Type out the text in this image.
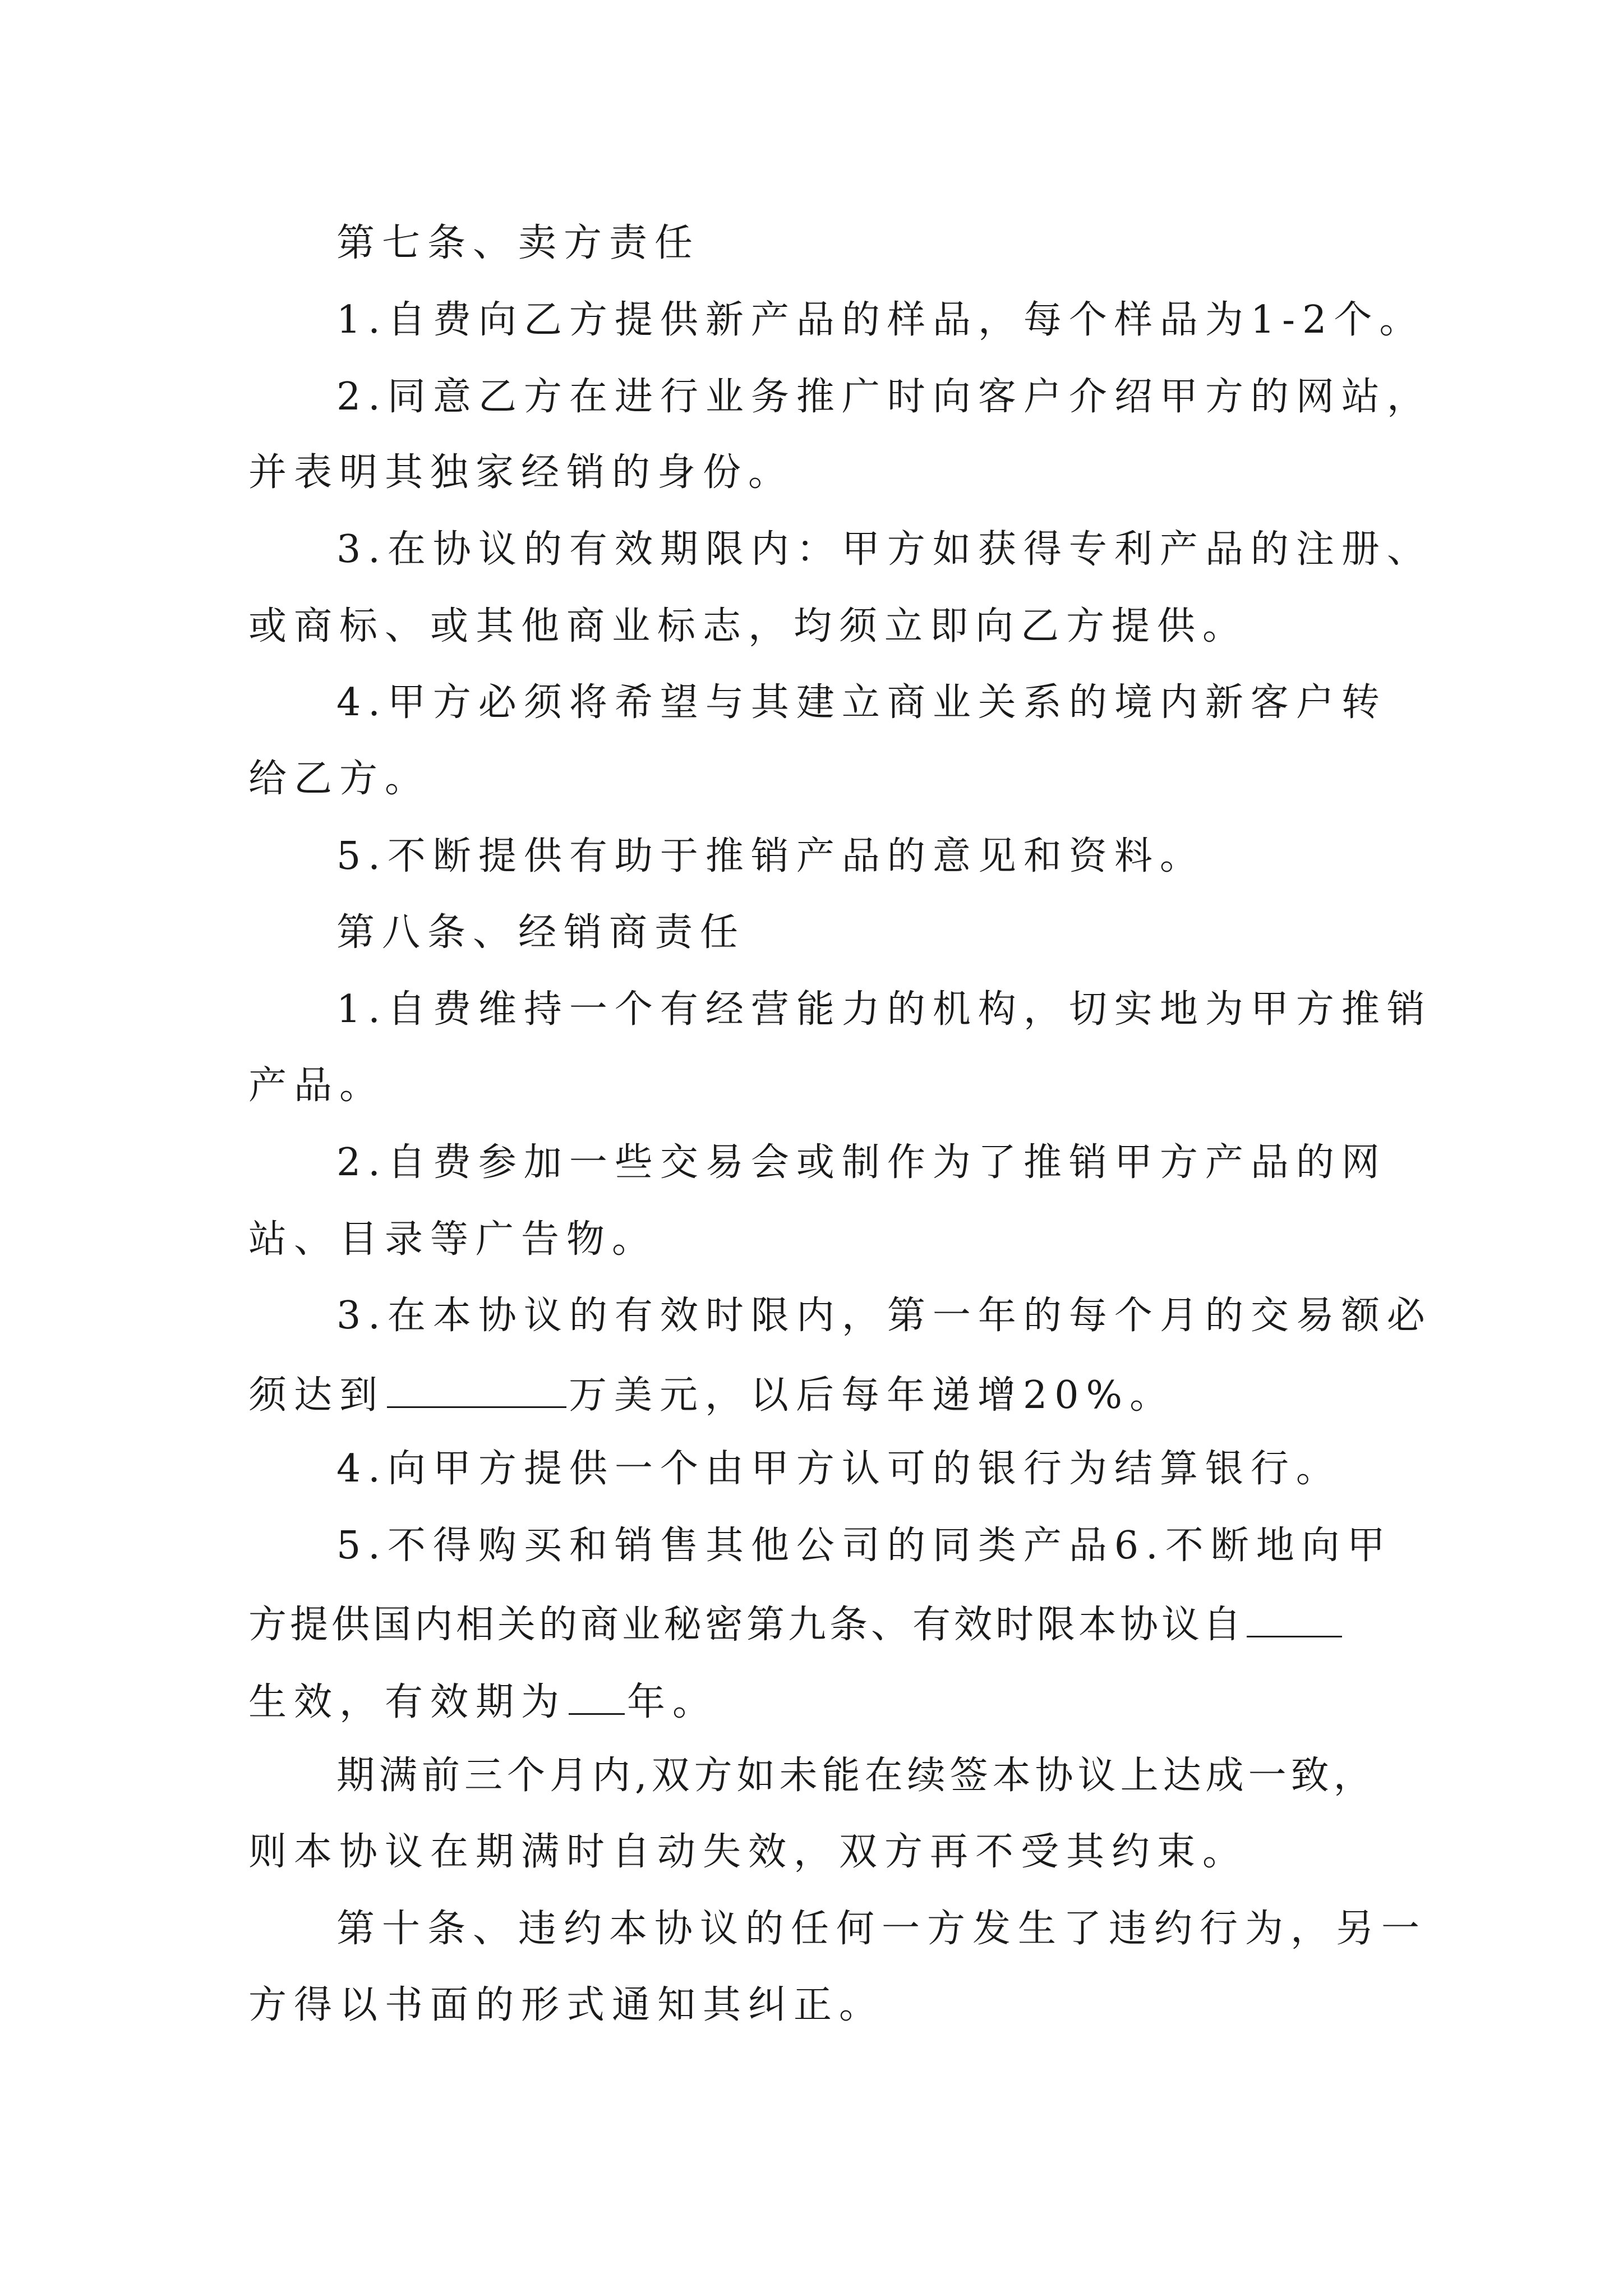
第七条、卖方责任

1.自费向乙方提供新产品的样品，每个样品为1-2个。

2.同意乙方在进行业务推广时向客户介绍甲方的网站，

并表明其独家经销的身份。

3.在协议的有效期限内：甲方如获得专利产品的注册、

或商标、或其他商业标志，均须立即向乙方提供。

4.甲方必须将希望与其建立商业关系的境内新客户转

给乙方。

5.不断提供有助于推销产品的意见和资料。

第八条、经销商责任

1.自费维持一个有经营能力的机构，切实地为甲方推销

产品。

2.自费参加一些交易会或制作为了推销甲方产品的网

站、目录等广告物。

3.在本协议的有效时限内，第一年的每个月的交易额必

须达到	万美元，以后每年递增20%。

4.向甲方提供一个由甲方认可的银行为结算银行。

5.不得购买和销售其他公司的同类产品6.不断地向甲

方提供国内相关的商业秘密第九条、有效时限本协议自

生效，有效期为 年。

期满前三个月内,双方如未能在续签本协议上达成一致，

则本协议在期满时自动失效，双方再不受其约束。

第十条、违约本协议的任何一方发生了违约行为，另一

方得以书面的形式通知其纠正。
